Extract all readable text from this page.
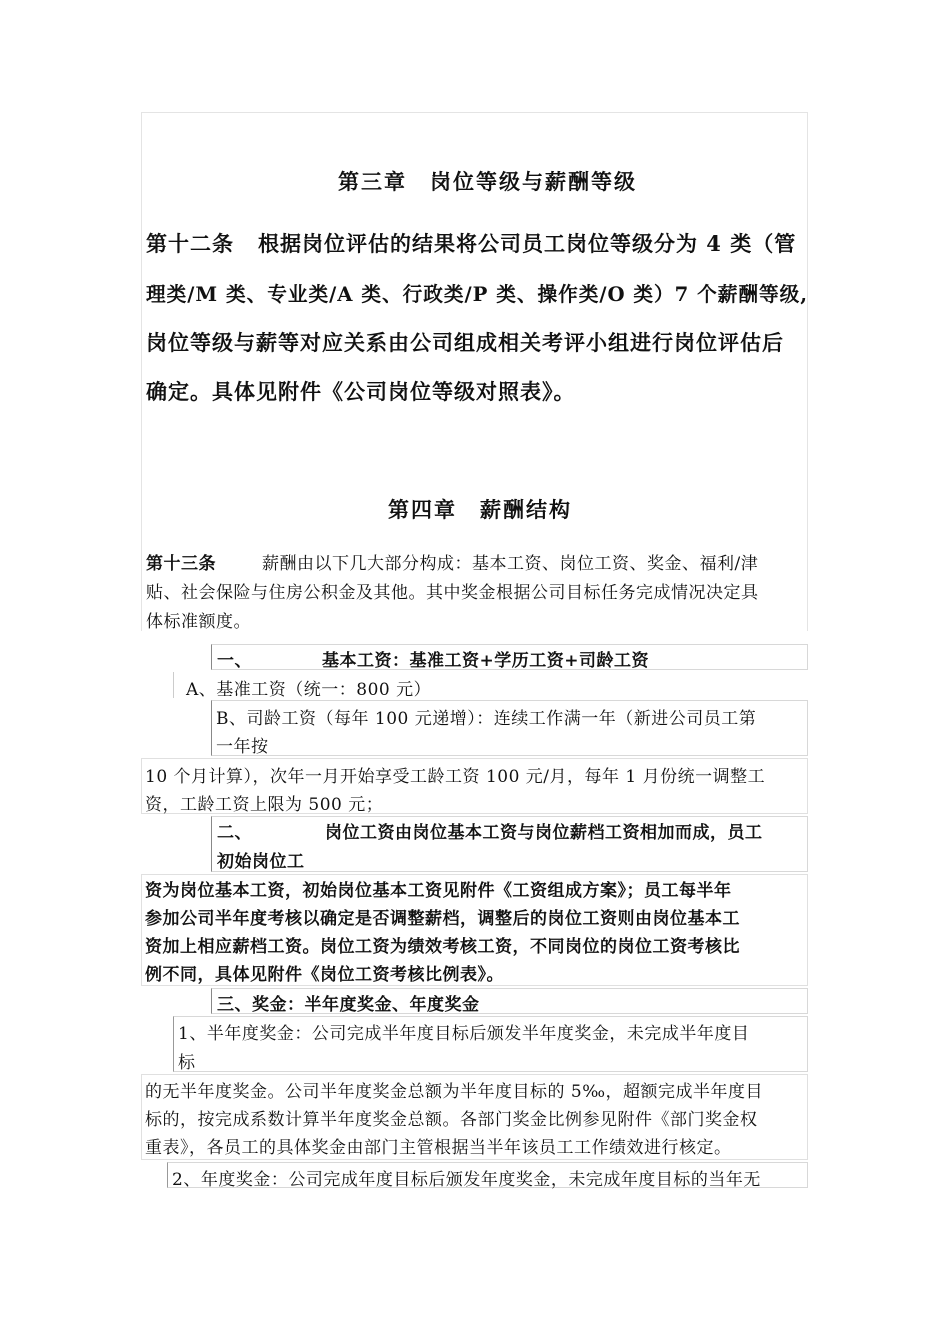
第三章　岗位等级与薪酬等级
第十二条 根据岗位评估的结果将公司员工岗位等级分为 4 类（管
理类/M 类、专业类/A 类、行政类/P 类、操作类/O 类）7 个薪酬等级,
岗位等级与薪等对应关系由公司组成相关考评小组进行岗位评估后
确定。具体见附件《公司岗位等级对照表》。
第四章　薪酬结构
第十三条	薪酬由以下几大部分构成：基本工资、岗位工资、奖金、福利/津
贴、社会保险与住房公积金及其他。其中奖金根据公司目标任务完成情况决定具
体标准额度。
一、	基本工资：基准工资+学历工资+司龄工资
A、基准工资（统一：800 元）
B、司龄工资（每年 100 元递增）：连续工作满一年（新进公司员工第
一年按
10 个月计算），次年一月开始享受工龄工资 100 元/月，每年 1 月份统一调整工
资，工龄工资上限为 500 元；
二、	岗位工资由岗位基本工资与岗位薪档工资相加而成，员工
初始岗位工
资为岗位基本工资，初始岗位基本工资见附件《工资组成方案》；员工每半年
参加公司半年度考核以确定是否调整薪档，调整后的岗位工资则由岗位基本工
资加上相应薪档工资。岗位工资为绩效考核工资，不同岗位的岗位工资考核比
例不同，具体见附件《岗位工资考核比例表》。
三、奖金：半年度奖金、年度奖金
1、半年度奖金：公司完成半年度目标后颁发半年度奖金，未完成半年度目
标
的无半年度奖金。公司半年度奖金总额为半年度目标的 5‰，超额完成半年度目
标的，按完成系数计算半年度奖金总额。各部门奖金比例参见附件《部门奖金权
重表》，各员工的具体奖金由部门主管根据当半年该员工工作绩效进行核定。
2、年度奖金：公司完成年度目标后颁发年度奖金，未完成年度目标的当年无
